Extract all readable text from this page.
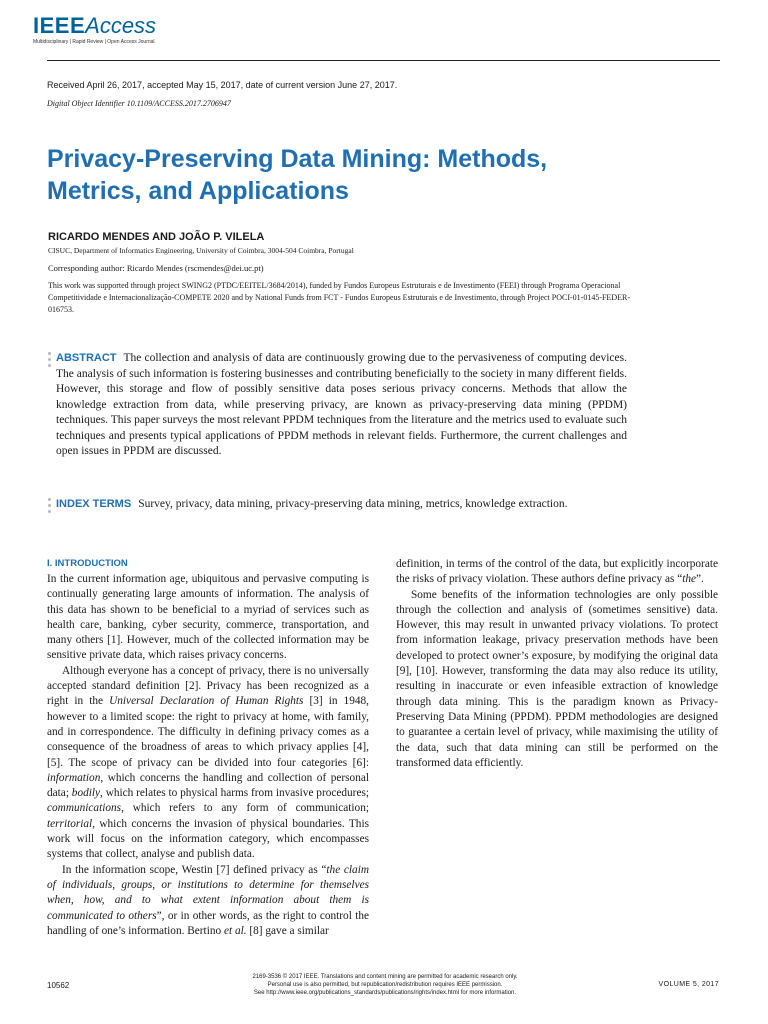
IEEEAccess
Multidisciplinary | Rapid Review | Open Access Journal
Received April 26, 2017, accepted May 15, 2017, date of current version June 27, 2017.
Digital Object Identifier 10.1109/ACCESS.2017.2706947
Privacy-Preserving Data Mining: Methods, Metrics, and Applications
RICARDO MENDES AND JOÃO P. VILELA
CISUC, Department of Informatics Engineering, University of Coimbra, 3004-504 Coimbra, Portugal
Corresponding author: Ricardo Mendes (rscmendes@dei.uc.pt)
This work was supported through project SWING2 (PTDC/EEITEL/3684/2014), funded by Fundos Europeus Estruturais e de Investimento (FEEI) through Programa Operacional Competitividade e Internacionalização-COMPETE 2020 and by National Funds from FCT - Fundos Europeus Estruturais e de Investimento, through Project POCI-01-0145-FEDER-016753.

ABSTRACT The collection and analysis of data are continuously growing due to the pervasiveness of computing devices. The analysis of such information is fostering businesses and contributing beneficially to the society in many different fields. However, this storage and flow of possibly sensitive data poses serious privacy concerns. Methods that allow the knowledge extraction from data, while preserving privacy, are known as privacy-preserving data mining (PPDM) techniques. This paper surveys the most relevant PPDM techniques from the literature and the metrics used to evaluate such techniques and presents typical applications of PPDM methods in relevant fields. Furthermore, the current challenges and open issues in PPDM are discussed.

INDEX TERMS Survey, privacy, data mining, privacy-preserving data mining, metrics, knowledge extraction.

I. INTRODUCTION

In the current information age, ubiquitous and pervasive computing is continually generating large amounts of information. The analysis of this data has shown to be beneficial to a myriad of services such as health care, banking, cyber security, commerce, transportation, and many others [1]. However, much of the collected information may be sensitive private data, which raises privacy concerns.

Although everyone has a concept of privacy, there is no universally accepted standard definition [2]. Privacy has been recognized as a right in the Universal Declaration of Human Rights [3] in 1948, however to a limited scope: the right to privacy at home, with family, and in correspondence. The difficulty in defining privacy comes as a consequence of the broadness of areas to which privacy applies [4], [5]. The scope of privacy can be divided into four categories [6]: information, which concerns the handling and collection of personal data; bodily, which relates to physical harms from invasive procedures; communications, which refers to any form of communication; territorial, which concerns the invasion of physical boundaries. This work will focus on the information category, which encompasses systems that collect, analyse and publish data.

In the information scope, Westin [7] defined privacy as “the claim of individuals, groups, or institutions to determine for themselves when, how, and to what extent information about them is communicated to others”, or in other words, as the right to control the handling of one’s information. Bertino et al. [8] gave a similar

10562
2169-3536 © 2017 IEEE. Translations and content mining are permitted for academic research only.
Personal use is also permitted, but republication/redistribution requires IEEE permission.
See http://www.ieee.org/publications_standards/publications/rights/index.html for more information.
VOLUME 5, 2017

definition, in terms of the control of the data, but explicitly incorporate the risks of privacy violation. These authors define privacy as “the”.

Some benefits of the information technologies are only possible through the collection and analysis of (sometimes sensitive) data. However, this may result in unwanted privacy violations. To protect from information leakage, privacy preservation methods have been developed to protect owner’s exposure, by modifying the original data [9], [10]. However, transforming the data may also reduce its utility, resulting in inaccurate or even infeasible extraction of knowledge through data mining. This is the paradigm known as Privacy-Preserving Data Mining (PPDM). PPDM methodologies are designed to guarantee a certain level of privacy, while maximising the utility of the data, such that data mining can still be performed on the transformed data efficiently.
